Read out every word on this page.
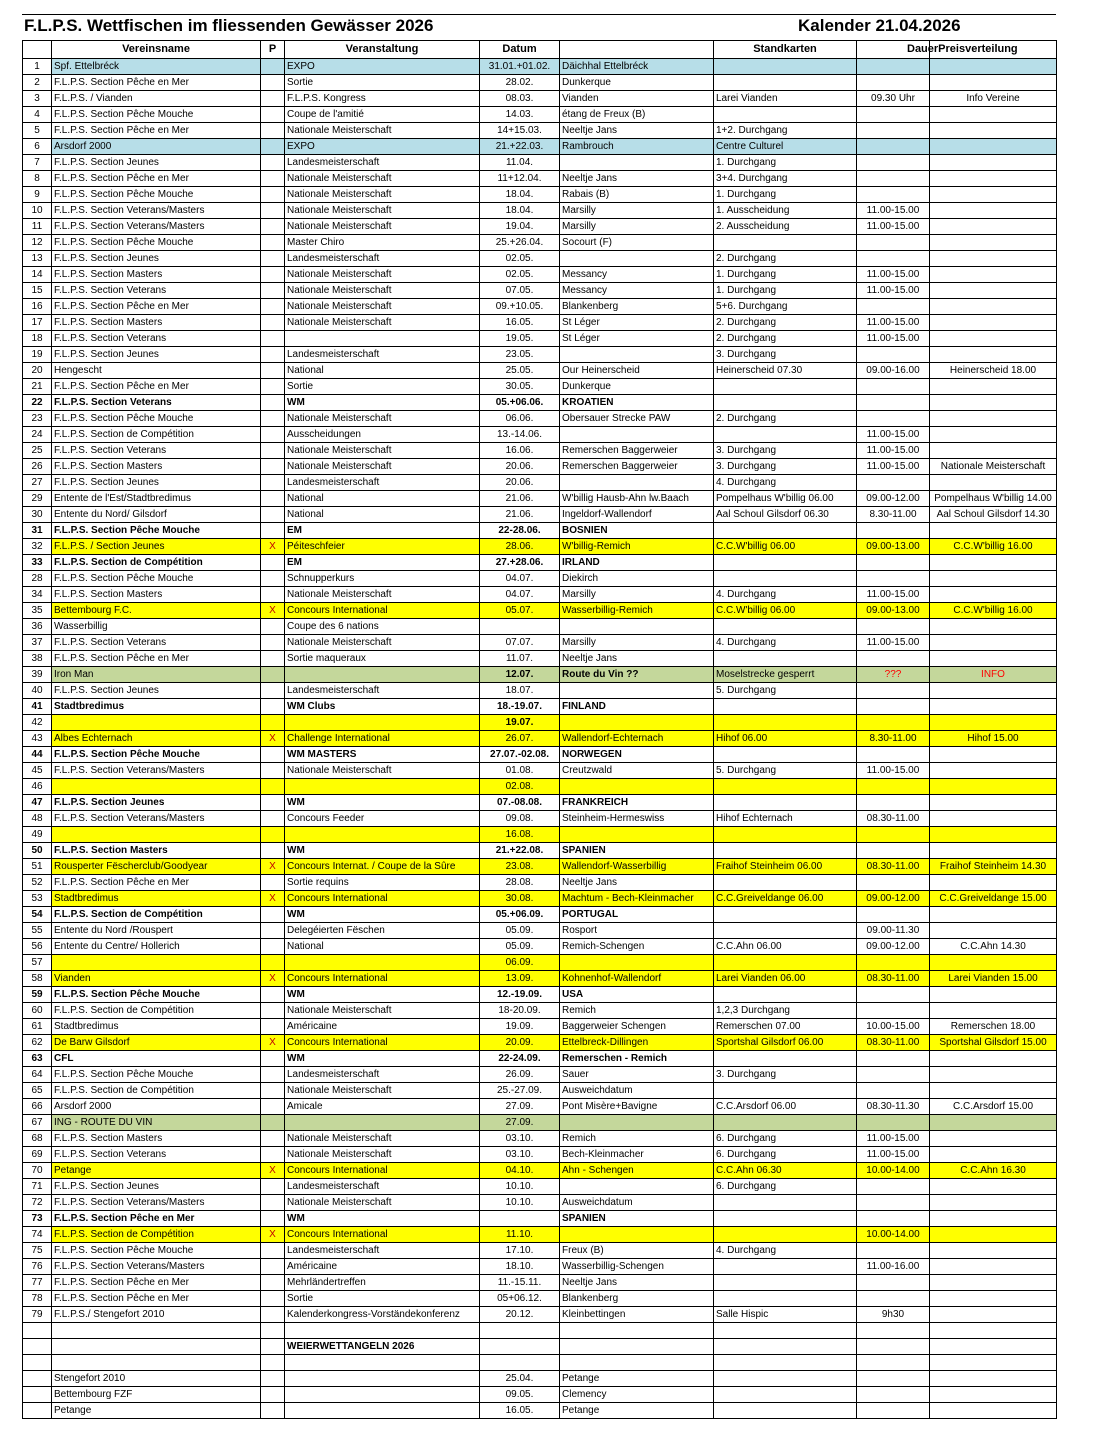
F.L.P.S. Wettfischen im fliessenden Gewässer 2026	Kalender 21.04.2026
	Vereinsname	P	Veranstaltung	Datum		Standkarten	DauerPreisverteilung	
1	Spf. Ettelbréck		EXPO	31.01.+01.02.	Däichhal Ettelbréck			
2	F.L.P.S. Section Pêche en Mer		Sortie	28.02.	Dunkerque			
3	F.L.P.S. / Vianden		F.L.P.S. Kongress	08.03.	Vianden	Larei Vianden	09.30 Uhr	Info Vereine
4	F.L.P.S. Section Pêche Mouche		Coupe de l'amitié	14.03.	étang de Freux (B)			
5	F.L.P.S. Section Pêche en Mer		Nationale Meisterschaft	14+15.03.	Neeltje Jans	1+2. Durchgang		
6	Arsdorf 2000		EXPO	21.+22.03.	Rambrouch	Centre Culturel		
7	F.L.P.S. Section Jeunes		Landesmeisterschaft	11.04.		1. Durchgang		
8	F.L.P.S. Section Pêche en Mer		Nationale Meisterschaft	11+12.04.	Neeltje Jans	3+4. Durchgang		
9	F.L.P.S. Section Pêche Mouche		Nationale Meisterschaft	18.04.	Rabais (B)	1. Durchgang		
10	F.L.P.S. Section Veterans/Masters		Nationale Meisterschaft	18.04.	Marsilly	1. Ausscheidung	11.00-15.00	
11	F.L.P.S. Section Veterans/Masters		Nationale Meisterschaft	19.04.	Marsilly	2. Ausscheidung	11.00-15.00	
12	F.L.P.S. Section Pêche Mouche		Master Chiro	25.+26.04.	Socourt (F)			
13	F.L.P.S. Section Jeunes		Landesmeisterschaft	02.05.		2. Durchgang		
14	F.L.P.S. Section Masters		Nationale Meisterschaft	02.05.	Messancy	1. Durchgang	11.00-15.00	
15	F.L.P.S. Section Veterans		Nationale Meisterschaft	07.05.	Messancy	1. Durchgang	11.00-15.00	
16	F.L.P.S. Section Pêche en Mer		Nationale Meisterschaft	09.+10.05.	Blankenberg	5+6. Durchgang		
17	F.L.P.S. Section Masters		Nationale Meisterschaft	16.05.	St Léger	2. Durchgang	11.00-15.00	
18	F.L.P.S. Section Veterans			19.05.	St Léger	2. Durchgang	11.00-15.00	
19	F.L.P.S. Section Jeunes		Landesmeisterschaft	23.05.		3. Durchgang		
20	Hengescht		National	25.05.	Our Heinerscheid	Heinerscheid 07.30	09.00-16.00	Heinerscheid 18.00
21	F.L.P.S. Section Pêche en Mer		Sortie	30.05.	Dunkerque			
22	F.L.P.S. Section Veterans		WM	05.+06.06.	KROATIEN			
23	F.L.P.S. Section Pêche Mouche		Nationale Meisterschaft	06.06.	Obersauer Strecke PAW	2. Durchgang		
24	F.L.P.S. Section de Compétition		Ausscheidungen	13.-14.06.			11.00-15.00	
25	F.L.P.S. Section Veterans		Nationale Meisterschaft	16.06.	Remerschen Baggerweier	3. Durchgang	11.00-15.00	
26	F.L.P.S. Section Masters		Nationale Meisterschaft	20.06.	Remerschen Baggerweier	3. Durchgang	11.00-15.00	Nationale Meisterschaft
27	F.L.P.S. Section Jeunes		Landesmeisterschaft	20.06.		4. Durchgang		
29	Entente de l'Est/Stadtbredimus		National	21.06.	W'billig Hausb-Ahn lw.Baach	Pompelhaus W'billig 06.00	09.00-12.00	Pompelhaus W'billig 14.00
30	Entente du Nord/ Gilsdorf		National	21.06.	Ingeldorf-Wallendorf	Aal Schoul Gilsdorf 06.30	8.30-11.00	Aal Schoul Gilsdorf 14.30
31	F.L.P.S. Section Pêche Mouche		EM	22-28.06.	BOSNIEN			
32	F.L.P.S. / Section Jeunes	X	Péiteschfeier	28.06.	W'billig-Remich	C.C.W'billig 06.00	09.00-13.00	C.C.W'billig 16.00
33	F.L.P.S. Section de Compétition		EM	27.+28.06.	IRLAND			
28	F.L.P.S. Section Pêche Mouche		Schnupperkurs	04.07.	Diekirch			
34	F.L.P.S. Section Masters		Nationale Meisterschaft	04.07.	Marsilly	4. Durchgang	11.00-15.00	
35	Bettembourg F.C.	X	Concours International	05.07.	Wasserbillig-Remich	C.C.W'billig 06.00	09.00-13.00	C.C.W'billig 16.00
36	Wasserbillig		Coupe des 6 nations					
37	F.L.P.S. Section Veterans		Nationale Meisterschaft	07.07.	Marsilly	4. Durchgang	11.00-15.00	
38	F.L.P.S. Section Pêche en Mer		Sortie maqueraux	11.07.	Neeltje Jans			
39	Iron Man			12.07.	Route du Vin ??	Moselstrecke gesperrt	???	INFO
40	F.L.P.S. Section Jeunes		Landesmeisterschaft	18.07.		5. Durchgang		
41	Stadtbredimus		WM Clubs	18.-19.07.	FINLAND			
42				19.07.				
43	Albes Echternach	X	Challenge International	26.07.	Wallendorf-Echternach	Hihof 06.00	8.30-11.00	Hihof 15.00
44	F.L.P.S. Section Pêche Mouche		WM MASTERS	27.07.-02.08.	NORWEGEN			
45	F.L.P.S. Section Veterans/Masters		Nationale Meisterschaft	01.08.	Creutzwald	5. Durchgang	11.00-15.00	
46				02.08.				
47	F.L.P.S. Section Jeunes		WM	07.-08.08.	FRANKREICH			
48	F.L.P.S. Section Veterans/Masters		Concours Feeder	09.08.	Steinheim-Hermeswiss	Hihof Echternach	08.30-11.00	
49				16.08.				
50	F.L.P.S. Section Masters		WM	21.+22.08.	SPANIEN			
51	Rousperter Fëscherclub/Goodyear	X	Concours Internat. / Coupe de la Sûre	23.08.	Wallendorf-Wasserbillig	Fraihof Steinheim 06.00	08.30-11.00	Fraihof Steinheim 14.30
52	F.L.P.S. Section Pêche en Mer		Sortie requins	28.08.	Neeltje Jans			
53	Stadtbredimus	X	Concours International	30.08.	Machtum - Bech-Kleinmacher	C.C.Greiveldange 06.00	09.00-12.00	C.C.Greiveldange 15.00
54	F.L.P.S. Section de Compétition		WM	05.+06.09.	PORTUGAL			
55	Entente du Nord /Rouspert		Delegéierten Fëschen	05.09.	Rosport		09.00-11.30	
56	Entente du Centre/ Hollerich		National	05.09.	Remich-Schengen	C.C.Ahn 06.00	09.00-12.00	C.C.Ahn 14.30
57				06.09.				
58	Vianden	X	Concours International	13.09.	Kohnenhof-Wallendorf	Larei Vianden 06.00	08.30-11.00	Larei Vianden 15.00
59	F.L.P.S. Section Pêche Mouche		WM	12.-19.09.	USA			
60	F.L.P.S. Section de Compétition		Nationale Meisterschaft	18-20.09.	Remich	1,2,3 Durchgang		
61	Stadtbredimus		Américaine	19.09.	Baggerweier Schengen	Remerschen 07.00	10.00-15.00	Remerschen 18.00
62	De Barw Gilsdorf	X	Concours International	20.09.	Ettelbreck-Dillingen	Sportshal Gilsdorf 06.00	08.30-11.00	Sportshal Gilsdorf 15.00
63	CFL		WM	22-24.09.	Remerschen - Remich			
64	F.L.P.S. Section Pêche Mouche		Landesmeisterschaft	26.09.	Sauer	3. Durchgang		
65	F.L.P.S. Section de Compétition		Nationale Meisterschaft	25.-27.09.	Ausweichdatum			
66	Arsdorf 2000		Amicale	27.09.	Pont Misère+Bavigne	C.C.Arsdorf 06.00	08.30-11.30	C.C.Arsdorf 15.00
67	ING - ROUTE DU VIN			27.09.				
68	F.L.P.S. Section Masters		Nationale Meisterschaft	03.10.	Remich	6. Durchgang	11.00-15.00	
69	F.L.P.S. Section Veterans		Nationale Meisterschaft	03.10.	Bech-Kleinmacher	6. Durchgang	11.00-15.00	
70	Petange	X	Concours International	04.10.	Ahn - Schengen	C.C.Ahn 06.30	10.00-14.00	C.C.Ahn 16.30
71	F.L.P.S. Section Jeunes		Landesmeisterschaft	10.10.		6. Durchgang		
72	F.L.P.S. Section Veterans/Masters		Nationale Meisterschaft	10.10.	Ausweichdatum			
73	F.L.P.S. Section Pêche en Mer		WM		SPANIEN			
74	F.L.P.S. Section de Compétition	X	Concours International	11.10.			10.00-14.00	
75	F.L.P.S. Section Pêche Mouche		Landesmeisterschaft	17.10.	Freux (B)	4. Durchgang		
76	F.L.P.S. Section Veterans/Masters		Américaine	18.10.	Wasserbillig-Schengen		11.00-16.00	
77	F.L.P.S. Section Pêche en Mer		Mehrländertreffen	11.-15.11.	Neeltje Jans			
78	F.L.P.S. Section Pêche en Mer		Sortie	05+06.12.	Blankenberg			
79	F.L.P.S./ Stengefort 2010		Kalenderkongress-Vorständekonferenz	20.12.	Kleinbettingen	Salle Hispic	9h30	

			WEIERWETTANGELN 2026					

	Stengefort 2010			25.04.	Petange			
	Bettembourg FZF			09.05.	Clemency			
	Petange			16.05.	Petange			
